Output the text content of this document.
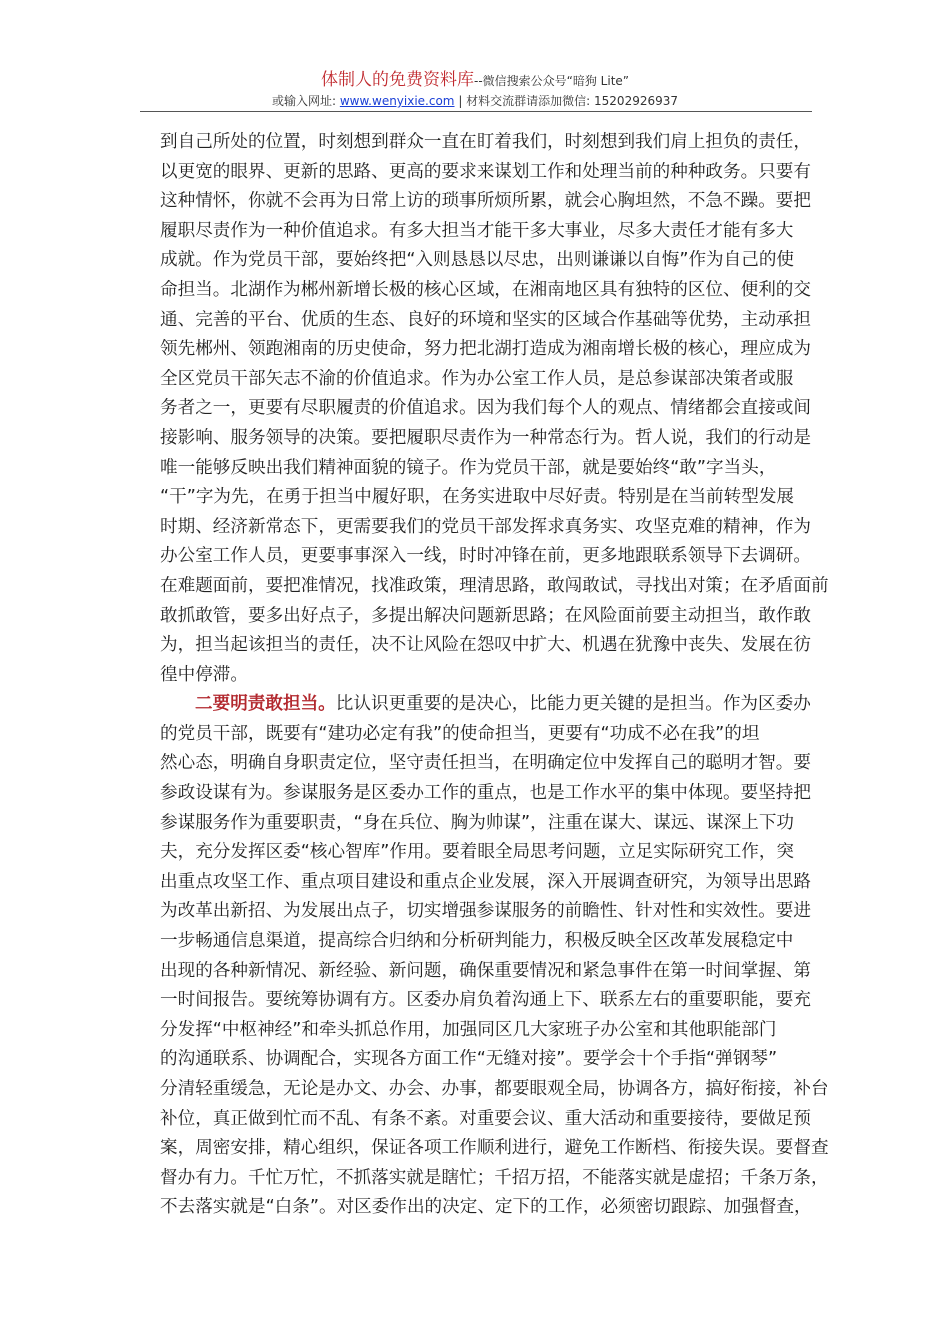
体制人的免费资料库--微信搜索公众号“暗狗 Lite”
或输入网址: www.wenyixie.com | 材料交流群请添加微信: 15202926937

到自己所处的位置，时刻想到群众一直在盯着我们，时刻想到我们肩上担负的责任，
以更宽的眼界、更新的思路、更高的要求来谋划工作和处理当前的种种政务。只要有
这种情怀，你就不会再为日常上访的琐事所烦所累，就会心胸坦然，不急不躁。要把
履职尽责作为一种价值追求。有多大担当才能干多大事业，尽多大责任才能有多大
成就。作为党员干部，要始终把“入则恳恳以尽忠，出则谦谦以自悔”作为自己的使
命担当。北湖作为郴州新增长极的核心区域，在湘南地区具有独特的区位、便利的交
通、完善的平台、优质的生态、良好的环境和坚实的区域合作基础等优势，主动承担
领先郴州、领跑湘南的历史使命，努力把北湖打造成为湘南增长极的核心，理应成为
全区党员干部矢志不渝的价值追求。作为办公室工作人员，是总参谋部决策者或服
务者之一，更要有尽职履责的价值追求。因为我们每个人的观点、情绪都会直接或间
接影响、服务领导的决策。要把履职尽责作为一种常态行为。哲人说，我们的行动是
唯一能够反映出我们精神面貌的镜子。作为党员干部，就是要始终“敢”字当头，
“干”字为先，在勇于担当中履好职，在务实进取中尽好责。特别是在当前转型发展
时期、经济新常态下，更需要我们的党员干部发挥求真务实、攻坚克难的精神，作为
办公室工作人员，更要事事深入一线，时时冲锋在前，更多地跟联系领导下去调研。
在难题面前，要把准情况，找准政策，理清思路，敢闯敢试，寻找出对策；在矛盾面前
敢抓敢管，要多出好点子，多提出解决问题新思路；在风险面前要主动担当，敢作敢
为，担当起该担当的责任，决不让风险在怨叹中扩大、机遇在犹豫中丧失、发展在彷
徨中停滞。

二要明责敢担当。比认识更重要的是决心，比能力更关键的是担当。作为区委办
的党员干部，既要有“建功必定有我”的使命担当，更要有“功成不必在我”的坦
然心态，明确自身职责定位，坚守责任担当，在明确定位中发挥自己的聪明才智。要
参政设谋有为。参谋服务是区委办工作的重点，也是工作水平的集中体现。要坚持把
参谋服务作为重要职责，“身在兵位、胸为帅谋”，注重在谋大、谋远、谋深上下功
夫，充分发挥区委“核心智库”作用。要着眼全局思考问题，立足实际研究工作，突
出重点攻坚工作、重点项目建设和重点企业发展，深入开展调查研究，为领导出思路
为改革出新招、为发展出点子，切实增强参谋服务的前瞻性、针对性和实效性。要进
一步畅通信息渠道，提高综合归纳和分析研判能力，积极反映全区改革发展稳定中
出现的各种新情况、新经验、新问题，确保重要情况和紧急事件在第一时间掌握、第
一时间报告。要统筹协调有方。区委办肩负着沟通上下、联系左右的重要职能，要充
分发挥“中枢神经”和牵头抓总作用，加强同区几大家班子办公室和其他职能部门
的沟通联系、协调配合，实现各方面工作“无缝对接”。要学会十个手指“弹钢琴”
分清轻重缓急，无论是办文、办会、办事，都要眼观全局，协调各方，搞好衔接，补台
补位，真正做到忙而不乱、有条不紊。对重要会议、重大活动和重要接待，要做足预
案，周密安排，精心组织，保证各项工作顺利进行，避免工作断档、衔接失误。要督查
督办有力。千忙万忙，不抓落实就是瞎忙；千招万招，不能落实就是虚招；千条万条，
不去落实就是“白条”。对区委作出的决定、定下的工作，必须密切跟踪、加强督查，
